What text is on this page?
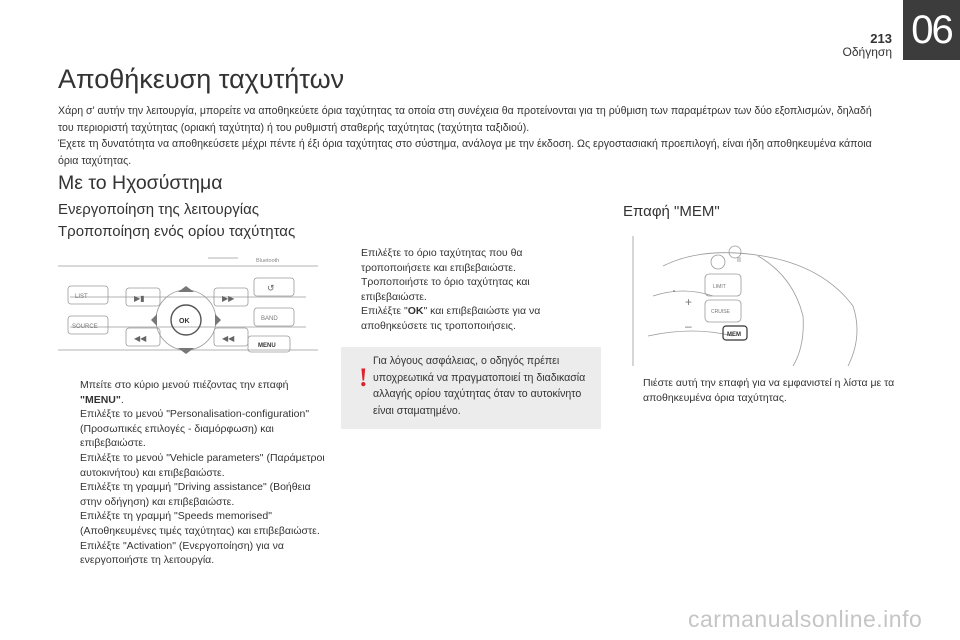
06
213
Οδήγηση
Αποθήκευση ταχυτήτων

Χάρη σ' αυτήν την λειτουργία, μπορείτε να αποθηκεύετε όρια ταχύτητας τα οποία στη συνέχεια θα προτείνονται για τη ρύθμιση των παραμέτρων των δύο εξοπλισμών, δηλαδή του περιοριστή ταχύτητας (οριακή ταχύτητα) ή του ρυθμιστή σταθερής ταχύτητας (ταχύτητα ταξιδιού).

Έχετε τη δυνατότητα να αποθηκεύσετε μέχρι πέντε ή έξι όρια ταχύτητας στο σύστημα, ανάλογα με την έκδοση. Ως εργοστασιακή προεπιλογή, είναι ήδη αποθηκευμένα κάποια όρια ταχύτητας.

Με το Ηχοσύστημα
Ενεργοποίηση της λειτουργίας
Τροποποίηση ενός ορίου ταχύτητας
Επαφή "MEM"
LIST
SOURCE
OK	BAND
MENU
Bluetooth
▶▶
◀◀
↺
▶▮
◀◀
Μπείτε στο κύριο μενού πιέζοντας την επαφή "MENU".
Επιλέξτε το μενού "Personalisation-configuration" (Προσωπικές επιλογές - διαμόρφωση) και επιβεβαιώστε.
Επιλέξτε το μενού "Vehicle parameters" (Παράμετροι αυτοκινήτου) και επιβεβαιώστε.
Επιλέξτε τη γραμμή "Driving assistance" (Βοήθεια στην οδήγηση) και επιβεβαιώστε.
Επιλέξτε τη γραμμή "Speeds memorised" (Αποθηκευμένες τιμές ταχύτητας) και επιβεβαιώστε.
Επιλέξτε "Activation" (Ενεργοποίηση) για να ενεργοποιήστε τη λειτουργία.
Επιλέξτε το όριο ταχύτητας που θα τροποποιήσετε και επιβεβαιώστε.
Τροποποιήστε το όριο ταχύτητας και επιβεβαιώστε.
Επιλέξτε "OK" και επιβεβαιώστε για να αποθηκεύσετε τις τροποποιήσεις.
!
Για λόγους ασφάλειας, ο οδηγός πρέπει υποχρεωτικά να πραγματοποιεί τη διαδικασία αλλαγής ορίου ταχύτητας όταν το αυτοκίνητο είναι σταματημένο.
LIMIT
CRUISE
MEM
+
–
II
◔
Πιέστε αυτή την επαφή για να εμφανιστεί η λίστα με τα αποθηκευμένα όρια ταχύτητας.
carmanualsonline.info
